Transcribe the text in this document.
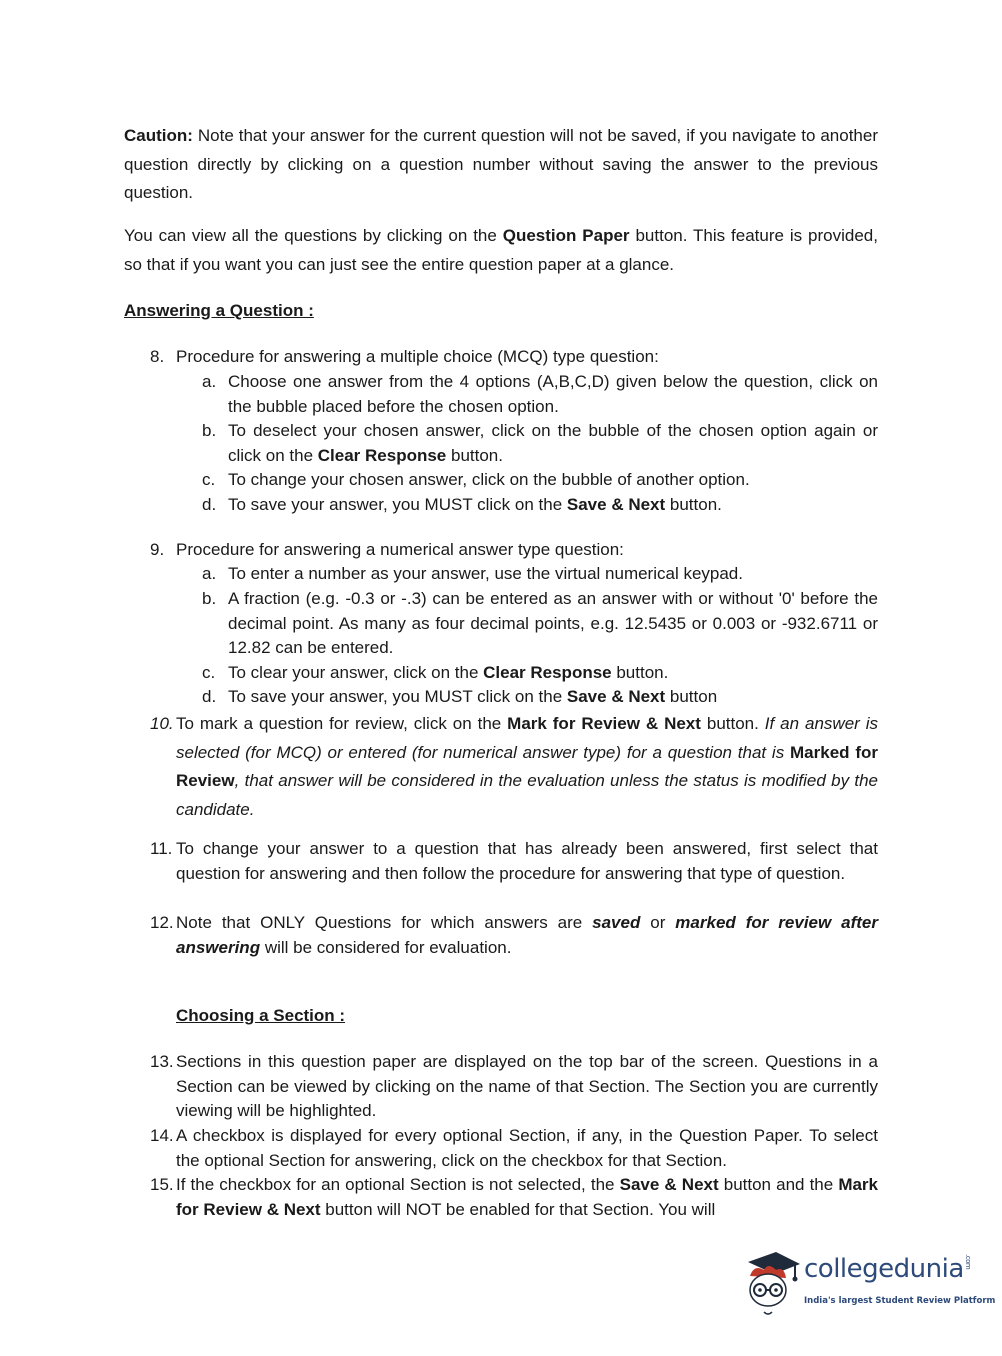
Caution: Note that your answer for the current question will not be saved, if you navigate to another question directly by clicking on a question number without saving the answer to the previous question.
You can view all the questions by clicking on the Question Paper button. This feature is provided, so that if you want you can just see the entire question paper at a glance.
Answering a Question :
8. Procedure for answering a multiple choice (MCQ) type question:
a. Choose one answer from the 4 options (A,B,C,D) given below the question, click on the bubble placed before the chosen option.
b. To deselect your chosen answer, click on the bubble of the chosen option again or click on the Clear Response button.
c. To change your chosen answer, click on the bubble of another option.
d. To save your answer, you MUST click on the Save & Next button.
9. Procedure for answering a numerical answer type question:
a. To enter a number as your answer, use the virtual numerical keypad.
b. A fraction (e.g. -0.3 or -.3) can be entered as an answer with or without '0' before the decimal point. As many as four decimal points, e.g. 12.5435 or 0.003 or -932.6711 or 12.82 can be entered.
c. To clear your answer, click on the Clear Response button.
d. To save your answer, you MUST click on the Save & Next button
10. To mark a question for review, click on the Mark for Review & Next button. If an answer is selected (for MCQ) or entered (for numerical answer type) for a question that is Marked for Review, that answer will be considered in the evaluation unless the status is modified by the candidate.
11. To change your answer to a question that has already been answered, first select that question for answering and then follow the procedure for answering that type of question.
12. Note that ONLY Questions for which answers are saved or marked for review after answering will be considered for evaluation.
Choosing a Section :
13. Sections in this question paper are displayed on the top bar of the screen. Questions in a Section can be viewed by clicking on the name of that Section. The Section you are currently viewing will be highlighted.
14. A checkbox is displayed for every optional Section, if any, in the Question Paper. To select the optional Section for answering, click on the checkbox for that Section.
15. If the checkbox for an optional Section is not selected, the Save & Next button and the Mark for Review & Next button will NOT be enabled for that Section. You will
collegedunia.com
India's largest Student Review Platform
